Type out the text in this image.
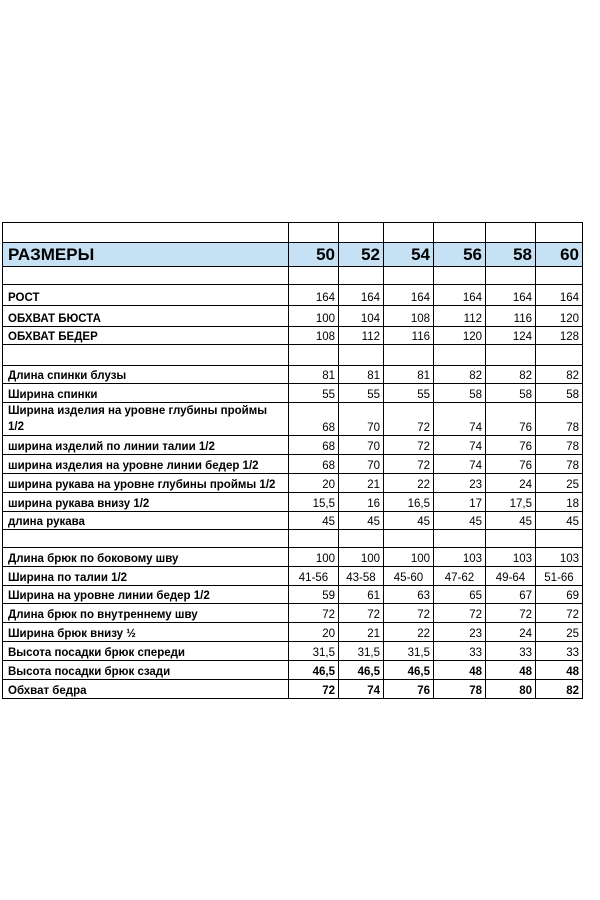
РАЗМЕРЫ	50	52	54	56	58	60

РОСТ	164	164	164	164	164	164
ОБХВАТ БЮСТА	100	104	108	112	116	120
ОБХВАТ БЕДЕР	108	112	116	120	124	128

Длина спинки блузы	81	81	81	82	82	82
Ширина спинки	55	55	55	58	58	58
Ширина изделия на уровне глубины проймы 1/2	68	70	72	74	76	78
ширина изделий по линии талии 1/2	68	70	72	74	76	78
ширина изделия на уровне линии бедер 1/2	68	70	72	74	76	78
ширина рукава на уровне глубины проймы 1/2	20	21	22	23	24	25
ширина рукава внизу 1/2	15,5	16	16,5	17	17,5	18
длина рукава	45	45	45	45	45	45

Длина брюк по боковому шву	100	100	100	103	103	103
Ширина по талии 1/2	41-56	43-58	45-60	47-62	49-64	51-66
Ширина на уровне линии бедер 1/2	59	61	63	65	67	69
Длина брюк по внутреннему шву	72	72	72	72	72	72
Ширина брюк внизу ½	20	21	22	23	24	25
Высота посадки брюк спереди	31,5	31,5	31,5	33	33	33
Высота посадки брюк сзади	46,5	46,5	46,5	48	48	48
Обхват бедра	72	74	76	78	80	82
